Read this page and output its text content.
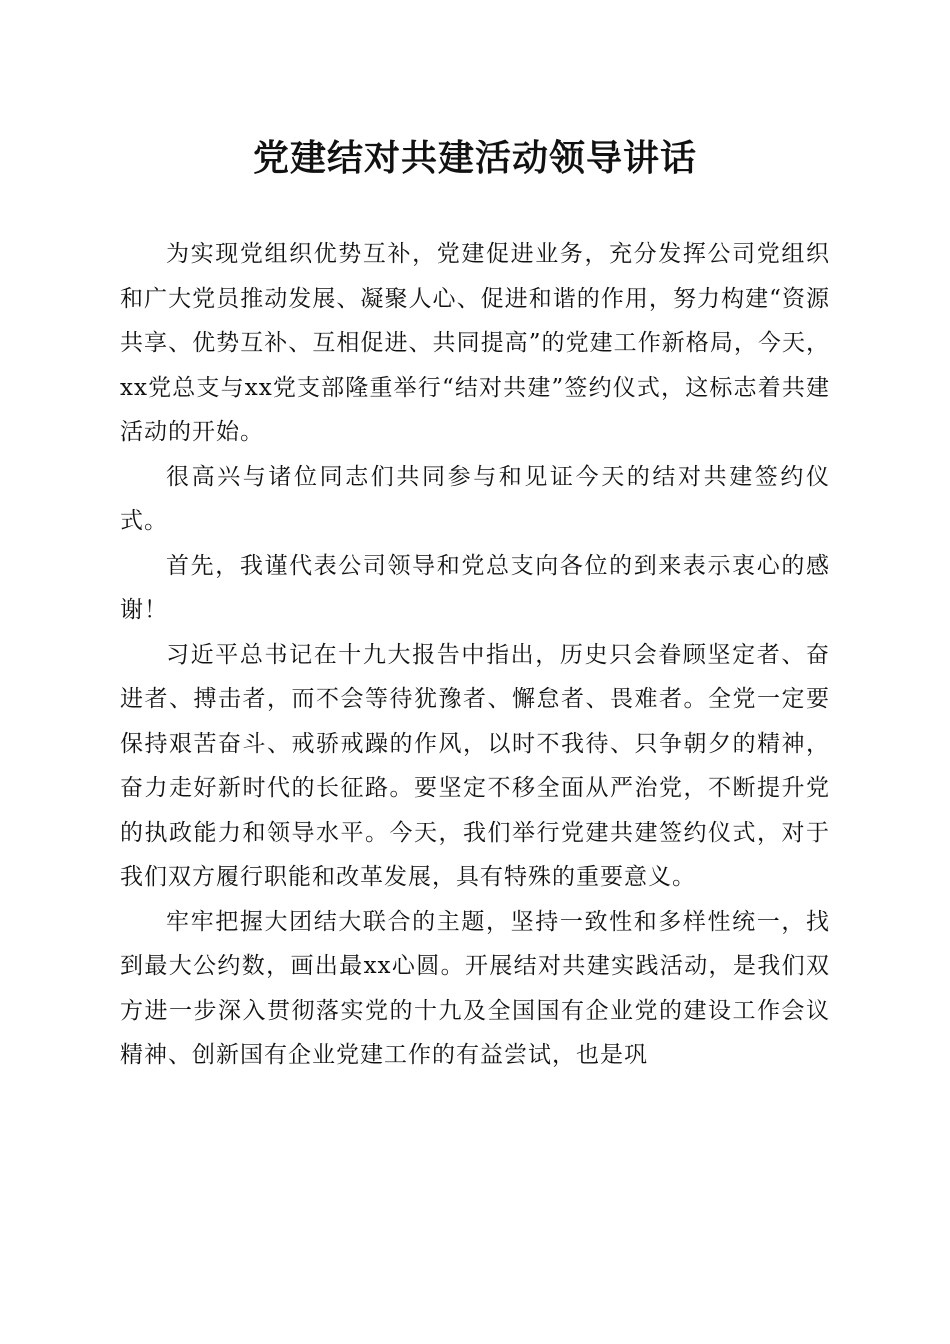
党建结对共建活动领导讲话

为实现党组织优势互补，党建促进业务，充分发挥公司党组织和广大党员推动发展、凝聚人心、促进和谐的作用，努力构建“资源共享、优势互补、互相促进、共同提高”的党建工作新格局，今天，xx党总支与xx党支部隆重举行“结对共建”签约仪式，这标志着共建活动的开始。

很高兴与诸位同志们共同参与和见证今天的结对共建签约仪式。

首先，我谨代表公司领导和党总支向各位的到来表示衷心的感谢！

习近平总书记在十九大报告中指出，历史只会眷顾坚定者、奋进者、搏击者，而不会等待犹豫者、懈怠者、畏难者。全党一定要保持艰苦奋斗、戒骄戒躁的作风，以时不我待、只争朝夕的精神，奋力走好新时代的长征路。要坚定不移全面从严治党，不断提升党的执政能力和领导水平。今天，我们举行党建共建签约仪式，对于我们双方履行职能和改革发展，具有特殊的重要意义。

牢牢把握大团结大联合的主题，坚持一致性和多样性统一，找到最大公约数，画出最xx心圆。开展结对共建实践活动，是我们双方进一步深入贯彻落实党的十九及全国国有企业党的建设工作会议精神、创新国有企业党建工作的有益尝试，也是巩
